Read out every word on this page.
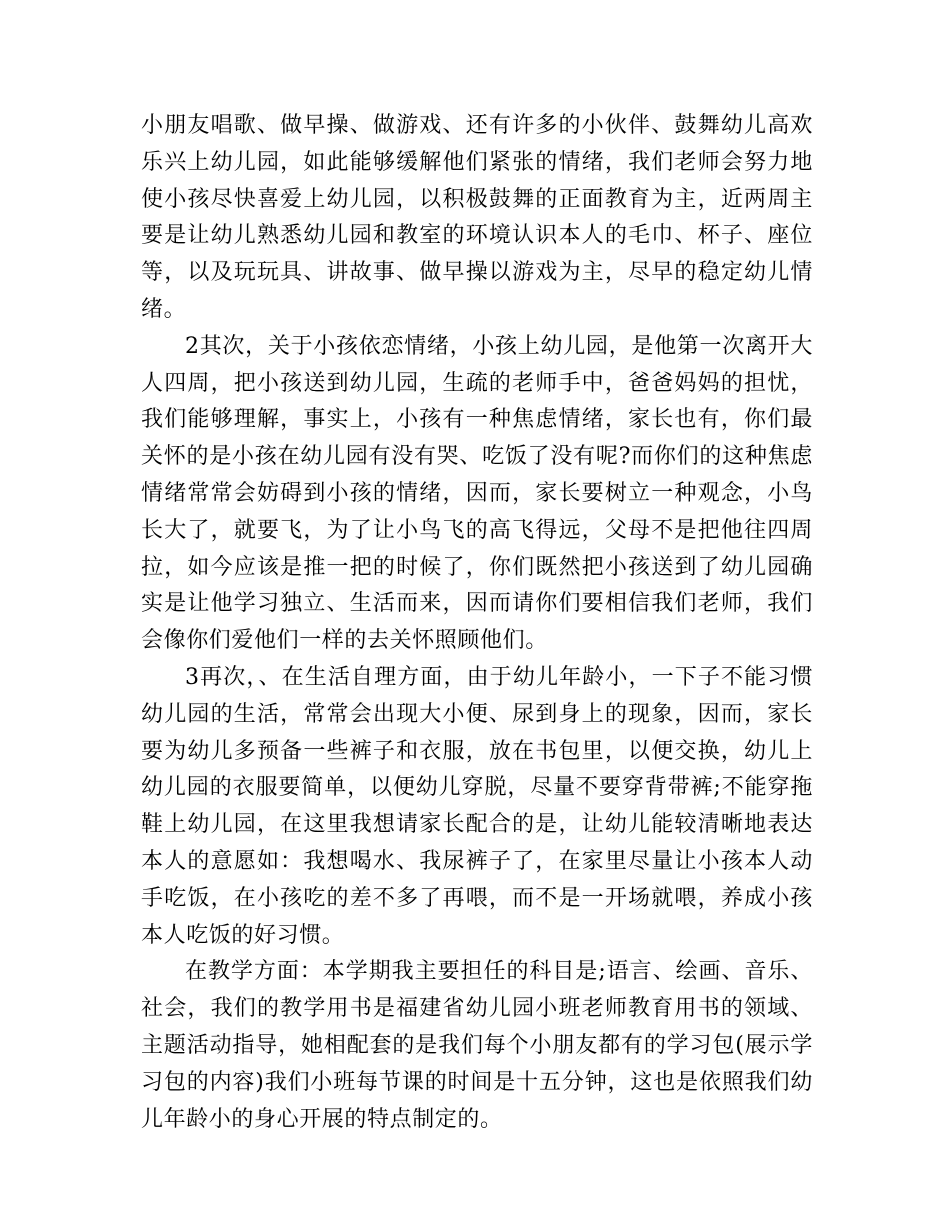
小朋友唱歌、做早操、做游戏、还有许多的小伙伴、鼓舞幼儿高欢乐兴上幼儿园，如此能够缓解他们紧张的情绪，我们老师会努力地使小孩尽快喜爱上幼儿园，以积极鼓舞的正面教育为主，近两周主要是让幼儿熟悉幼儿园和教室的环境认识本人的毛巾、杯子、座位等，以及玩玩具、讲故事、做早操以游戏为主，尽早的稳定幼儿情绪。

2其次，关于小孩依恋情绪，小孩上幼儿园，是他第一次离开大人四周，把小孩送到幼儿园，生疏的老师手中，爸爸妈妈的担忧，我们能够理解，事实上，小孩有一种焦虑情绪，家长也有，你们最关怀的是小孩在幼儿园有没有哭、吃饭了没有呢?而你们的这种焦虑情绪常常会妨碍到小孩的情绪，因而，家长要树立一种观念，小鸟长大了，就要飞，为了让小鸟飞的高飞得远，父母不是把他往四周拉，如今应该是推一把的时候了，你们既然把小孩送到了幼儿园确实是让他学习独立、生活而来，因而请你们要相信我们老师，我们会像你们爱他们一样的去关怀照顾他们。

3再次，、在生活自理方面，由于幼儿年龄小，一下子不能习惯幼儿园的生活，常常会出现大小便、尿到身上的现象，因而，家长要为幼儿多预备一些裤子和衣服，放在书包里，以便交换，幼儿上幼儿园的衣服要简单，以便幼儿穿脱，尽量不要穿背带裤;不能穿拖鞋上幼儿园，在这里我想请家长配合的是，让幼儿能较清晰地表达本人的意愿如：我想喝水、我尿裤子了，在家里尽量让小孩本人动手吃饭，在小孩吃的差不多了再喂，而不是一开场就喂，养成小孩本人吃饭的好习惯。

在教学方面：本学期我主要担任的科目是;语言、绘画、音乐、社会，我们的教学用书是福建省幼儿园小班老师教育用书的领域、主题活动指导，她相配套的是我们每个小朋友都有的学习包(展示学习包的内容)我们小班每节课的时间是十五分钟，这也是依照我们幼儿年龄小的身心开展的特点制定的。
